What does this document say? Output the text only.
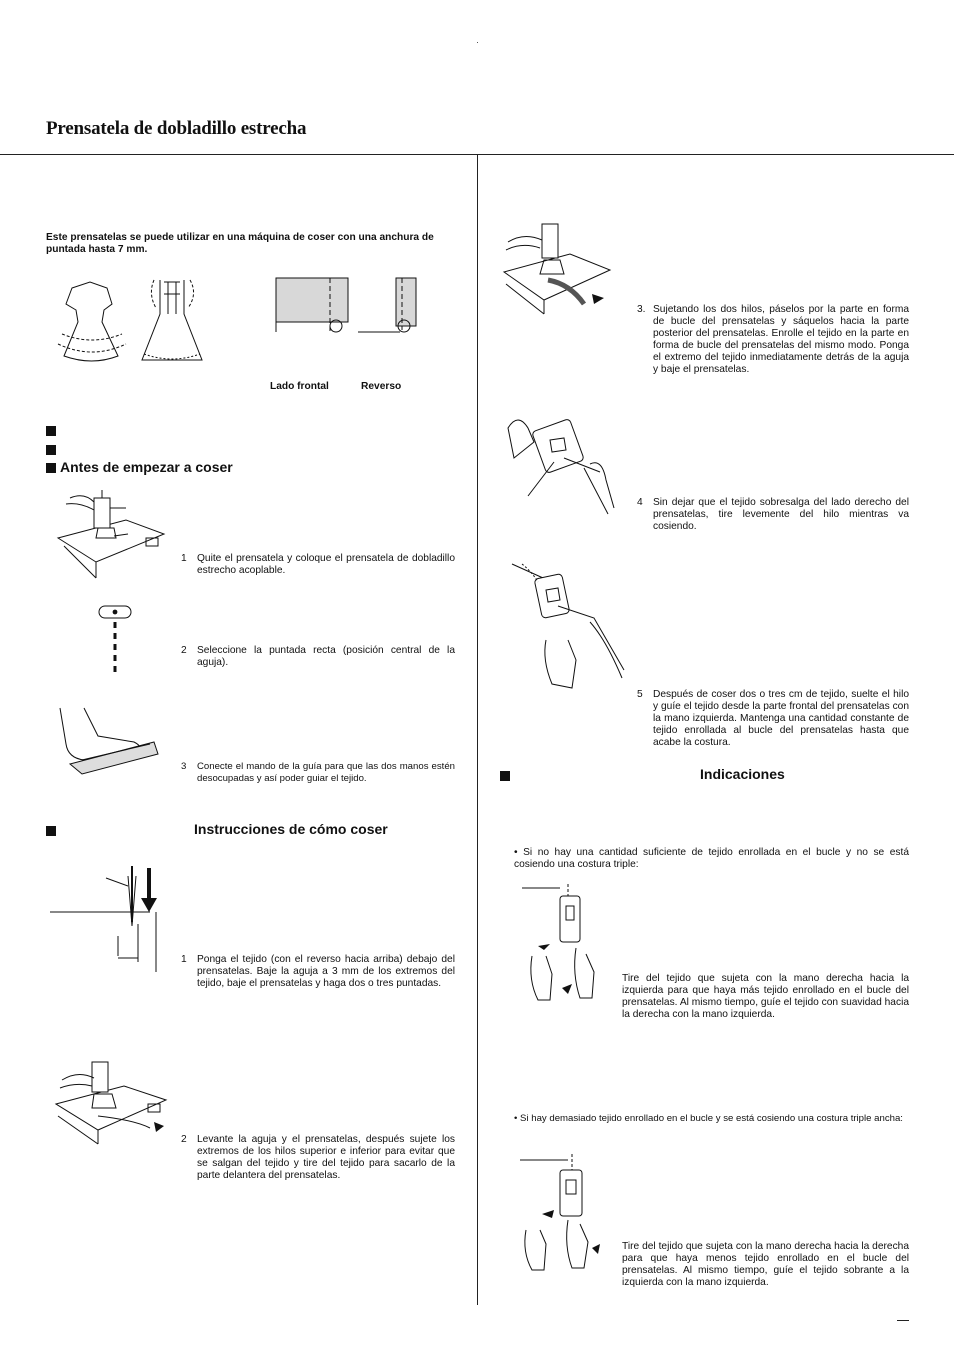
Prensatela de dobladillo estrecha
Este prensatelas se puede utilizar en una máquina de coser con una anchura de puntada hasta 7 mm.
Lado frontal	Reverso
Antes de empezar a coser
1 Quite el prensatela y coloque el prensatela de dobladillo estrecho acoplable.
2 Seleccione la puntada recta (posición central de la aguja).
3 Conecte el mando de la guía para que las dos manos estén desocupadas y así poder guiar el tejido.
Instrucciones de cómo coser
1 Ponga el tejido (con el reverso hacia arriba) debajo del prensatelas. Baje la aguja a 3 mm de los extremos del tejido, baje el prensatelas y haga dos o tres puntadas.
2 Levante la aguja y el prensatelas, después sujete los extremos de los hilos superior e inferior para evitar que se salgan del tejido y tire del tejido para sacarlo de la parte delantera del prensatelas.
3. Sujetando los dos hilos, páselos por la parte en forma de bucle del prensatelas y sáquelos hacia la parte posterior del prensatelas. Enrolle el tejido en la parte en forma de bucle del prensatelas del mismo modo. Ponga el extremo del tejido inmediatamente detrás de la aguja y baje el prensatelas.
4 Sin dejar que el tejido sobresalga del lado derecho del prensatelas, tire levemente del hilo mientras va cosiendo.
5 Después de coser dos o tres cm de tejido, suelte el hilo y guíe el tejido desde la parte frontal del prensatelas con la mano izquierda. Mantenga una cantidad constante de tejido enrollada al bucle del prensatelas hasta que acabe la costura.
Indicaciones
• Si no hay una cantidad suficiente de tejido enrollada en el bucle y no se está cosiendo una costura triple:
Tire del tejido que sujeta con la mano derecha hacia la izquierda para que haya más tejido enrollado en el bucle del prensatelas. Al mismo tiempo, guíe el tejido con suavidad hacia la derecha con la mano izquierda.
• Si hay demasiado tejido enrollado en el bucle y se está cosiendo una costura triple ancha:
Tire del tejido que sujeta con la mano derecha hacia la derecha para que haya menos tejido enrollado en el bucle del prensatelas. Al mismo tiempo, guíe el tejido sobrante a la izquierda con la mano izquierda.
